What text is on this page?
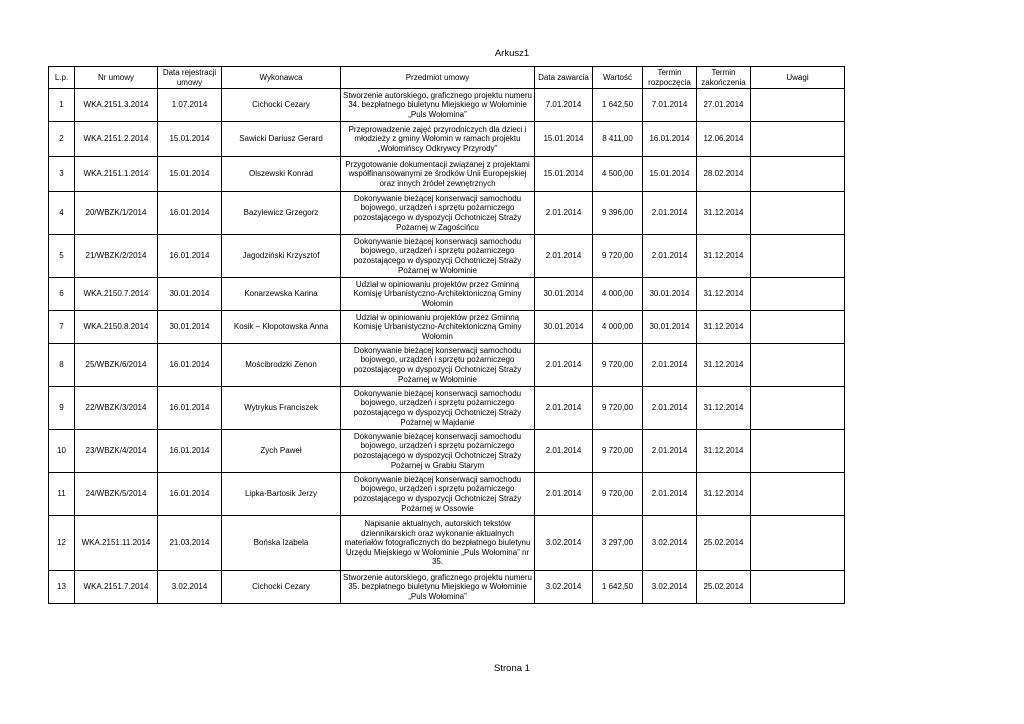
Arkusz1
L.p.	Nr umowy	Data rejestracji umowy	Wykonawca	Przedmiot umowy	Data zawarcia	Wartość	Termin rozpoczęcia	Termin zakończenia	Uwagi
1	WKA.2151.3.2014	1.07.2014	Cichocki Cezary	Stworzenie autorskiego, graficznego projektu numeru 34. bezpłatnego biuletynu Miejskiego w Wołominie „Puls Wołomina”	7.01.2014	1 642,50	7.01.2014	27.01.2014	
2	WKA.2151.2.2014	15.01.2014	Sawicki Dariusz Gerard	Przeprowadzenie zajęć przyrodniczych dla dzieci i młodzieży z gminy Wołomin w ramach projektu „Wołomińscy Odkrywcy Przyrody”	15.01.2014	8 411,00	16.01.2014	12.06.2014	
3	WKA.2151.1.2014	15.01.2014	Olszewski Konrad	Przygotowanie dokumentacji związanej z projektami współfinansowanymi ze środków Unii Europejskiej oraz innych źródeł zewnętrznych	15.01.2014	4 500,00	15.01.2014	28.02.2014	
4	20/WBZK/1/2014	16.01.2014	Bazylewicz Grzegorz	Dokonywanie bieżącej konserwacji samochodu bojowego, urządzeń i sprzętu pożarniczego pozostającego w dyspozycji Ochotniczej Straży Pożarnej w Zagościńcu	2.01.2014	9 396,00	2.01.2014	31.12.2014	
5	21/WBZK/2/2014	16.01.2014	Jagodziński Krzysztof	Dokonywanie bieżącej konserwacji samochodu bojowego, urządzeń i sprzętu pożarniczego pozostającego w dyspozycji Ochotniczej Straży Pożarnej w Wołominie	2.01.2014	9 720,00	2.01.2014	31.12.2014	
6	WKA.2150.7.2014	30.01.2014	Konarzewska Karina	Udział w opiniowaniu projektów przez Gminną Komisję Urbanistyczno-Architektoniczną Gminy Wołomin	30.01.2014	4 000,00	30.01.2014	31.12.2014	
7	WKA.2150.8.2014	30.01.2014	Kosik – Kłopotowska Anna	Udział w opiniowaniu projektów przez Gminną Komisję Urbanistyczno-Architektoniczną Gminy Wołomin	30.01.2014	4 000,00	30.01.2014	31.12.2014	
8	25/WBZK/6/2014	16.01.2014	Mościbrodzki Zenon	Dokonywanie bieżącej konserwacji samochodu bojowego, urządzeń i sprzętu pożarniczego pozostającego w dyspozycji Ochotniczej Straży Pożarnej w Wołominie	2.01.2014	9 720,00	2.01.2014	31.12.2014	
9	22/WBZK/3/2014	16.01.2014	Wytrykus Franciszek	Dokonywanie bieżącej konserwacji samochodu bojowego, urządzeń i sprzętu pożarniczego pozostającego w dyspozycji Ochotniczej Straży Pożarnej w Majdanie	2.01.2014	9 720,00	2.01.2014	31.12.2014	
10	23/WBZK/4/2014	16.01.2014	Zych Paweł	Dokonywanie bieżącej konserwacji samochodu bojowego, urządzeń i sprzętu pożarniczego pozostającego w dyspozycji Ochotniczej Straży Pożarnej w Grabiu Starym	2.01.2014	9 720,00	2.01.2014	31.12.2014	
11	24/WBZK/5/2014	16.01.2014	Lipka-Bartosik Jerzy	Dokonywanie bieżącej konserwacji samochodu bojowego, urządzeń i sprzętu pożarniczego pozostającego w dyspozycji Ochotniczej Straży Pożarnej w Ossowie	2.01.2014	9 720,00	2.01.2014	31.12.2014	
12	WKA.2151.11.2014	21.03.2014	Bońska Izabela	Napisanie aktualnych, autorskich tekstów dziennikarskich oraz wykonanie aktualnych materiałów fotograficznych do bezpłatnego biuletynu Urzędu Miejskiego w Wołominie „Puls Wołomina” nr 35.	3.02.2014	3 297,00	3.02.2014	25.02.2014	
13	WKA.2151.7.2014	3.02.2014	Cichocki Cezary	Stworzenie autorskiego, graficznego projektu numeru 35. bezpłatnego biuletynu Miejskiego w Wołominie „Puls Wołomina”	3.02.2014	1 642,50	3.02.2014	25.02.2014	
Strona 1
